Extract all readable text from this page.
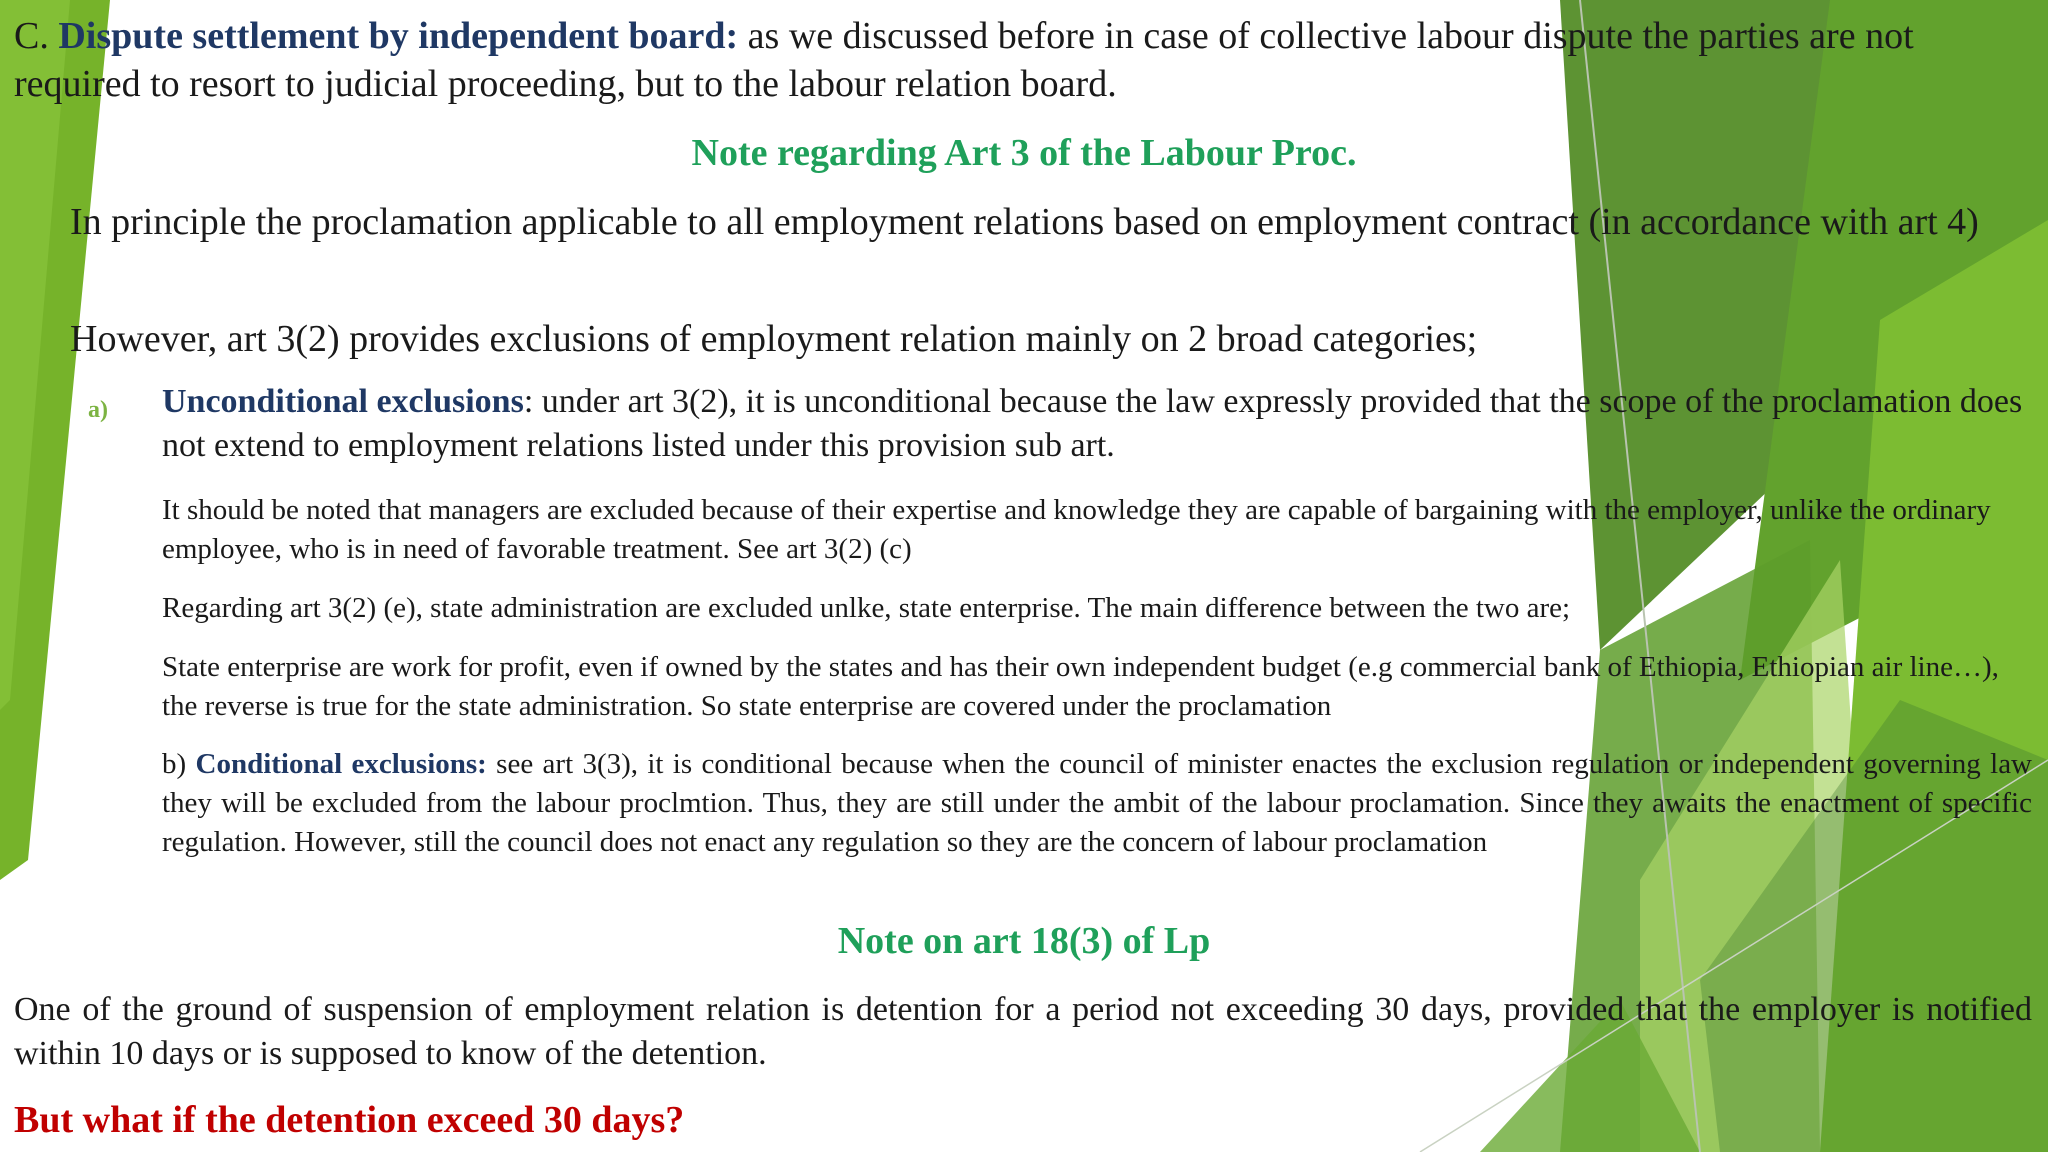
C. Dispute settlement by independent board: as we discussed before in case of collective labour dispute the parties are not required to resort to judicial proceeding, but to the labour relation board.
Note regarding Art 3 of the Labour Proc.
In principle the proclamation applicable to all employment relations based on employment contract (in accordance with art 4)
However, art 3(2) provides exclusions of employment relation mainly on 2 broad categories;
a) Unconditional exclusions: under art 3(2), it is unconditional because the law expressly provided that the scope of the proclamation does not extend to employment relations listed under this provision sub art.
It should be noted that managers are excluded because of their expertise and knowledge they are capable of bargaining with the employer, unlike the ordinary employee, who is in need of favorable treatment. See art 3(2) (c)
Regarding art 3(2) (e), state administration are excluded unlke, state enterprise. The main difference between the two are;
State enterprise are work for profit, even if owned by the states and has their own independent budget (e.g commercial bank of Ethiopia, Ethiopian air line…), the reverse is true for the state administration. So state enterprise are covered under the proclamation
b) Conditional exclusions: see art 3(3), it is conditional because when the council of minister enactes the exclusion regulation or independent governing law they will be excluded from the labour proclmtion. Thus, they are still under the ambit of the labour proclamation. Since they awaits the enactment of specific regulation. However, still the council does not enact any regulation so they are the concern of labour proclamation
Note on art 18(3) of Lp
One of the ground of suspension of employment relation is detention for a period not exceeding 30 days, provided that the employer is notified within 10 days or is supposed to know of the detention.
But what if the detention exceed 30 days?
